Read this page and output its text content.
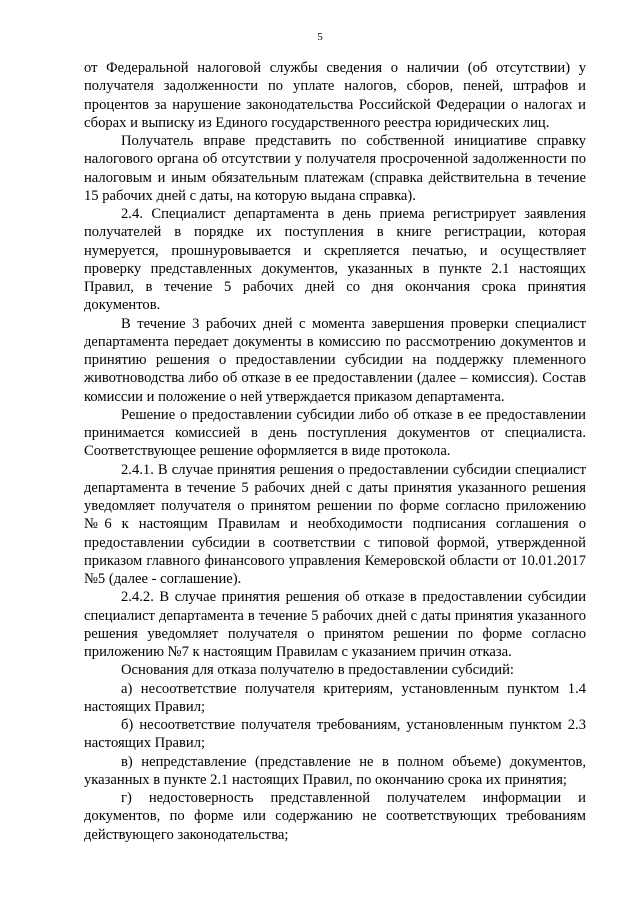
5

от Федеральной налоговой службы сведения о наличии (об отсутствии) у получателя задолженности по уплате налогов, сборов, пеней, штрафов и процентов за нарушение законодательства Российской Федерации о налогах и сборах и выписку из Единого государственного реестра юридических лиц.

Получатель вправе представить по собственной инициативе справку налогового органа об отсутствии у получателя просроченной задолженности по налоговым и иным обязательным платежам (справка действительна в течение 15 рабочих дней с даты, на которую выдана справка).

2.4. Специалист департамента в день приема регистрирует заявления получателей в порядке их поступления в книге регистрации, которая нумеруется, прошнуровывается и скрепляется печатью, и осуществляет проверку представленных документов, указанных в пункте 2.1 настоящих Правил, в течение 5 рабочих дней со дня окончания срока принятия документов.

В течение 3 рабочих дней с момента завершения проверки специалист департамента передает документы в комиссию по рассмотрению документов и принятию решения о предоставлении субсидии на поддержку племенного животноводства либо об отказе в ее предоставлении (далее – комиссия). Состав комиссии и положение о ней утверждается приказом департамента.

Решение о предоставлении субсидии либо об отказе в ее предоставлении принимается комиссией в день поступления документов от специалиста. Соответствующее решение оформляется в виде протокола.

2.4.1. В случае принятия решения о предоставлении субсидии специалист департамента в течение 5 рабочих дней с даты принятия указанного решения уведомляет получателя о принятом решении по форме согласно приложению №6 к настоящим Правилам и необходимости подписания соглашения о предоставлении субсидии в соответствии с типовой формой, утвержденной приказом главного финансового управления Кемеровской области от 10.01.2017 №5 (далее - соглашение).

2.4.2. В случае принятия решения об отказе в предоставлении субсидии специалист департамента в течение 5 рабочих дней с даты принятия указанного решения уведомляет получателя о принятом решении по форме согласно приложению №7 к настоящим Правилам с указанием причин отказа.

Основания для отказа получателю в предоставлении субсидий:

а) несоответствие получателя критериям, установленным пунктом 1.4 настоящих Правил;

б) несоответствие получателя требованиям, установленным пунктом 2.3 настоящих Правил;

в) непредставление (представление не в полном объеме) документов, указанных в пункте 2.1 настоящих Правил, по окончанию срока их принятия;

г) недостоверность представленной получателем информации и документов, по форме или содержанию не соответствующих требованиям действующего законодательства;
